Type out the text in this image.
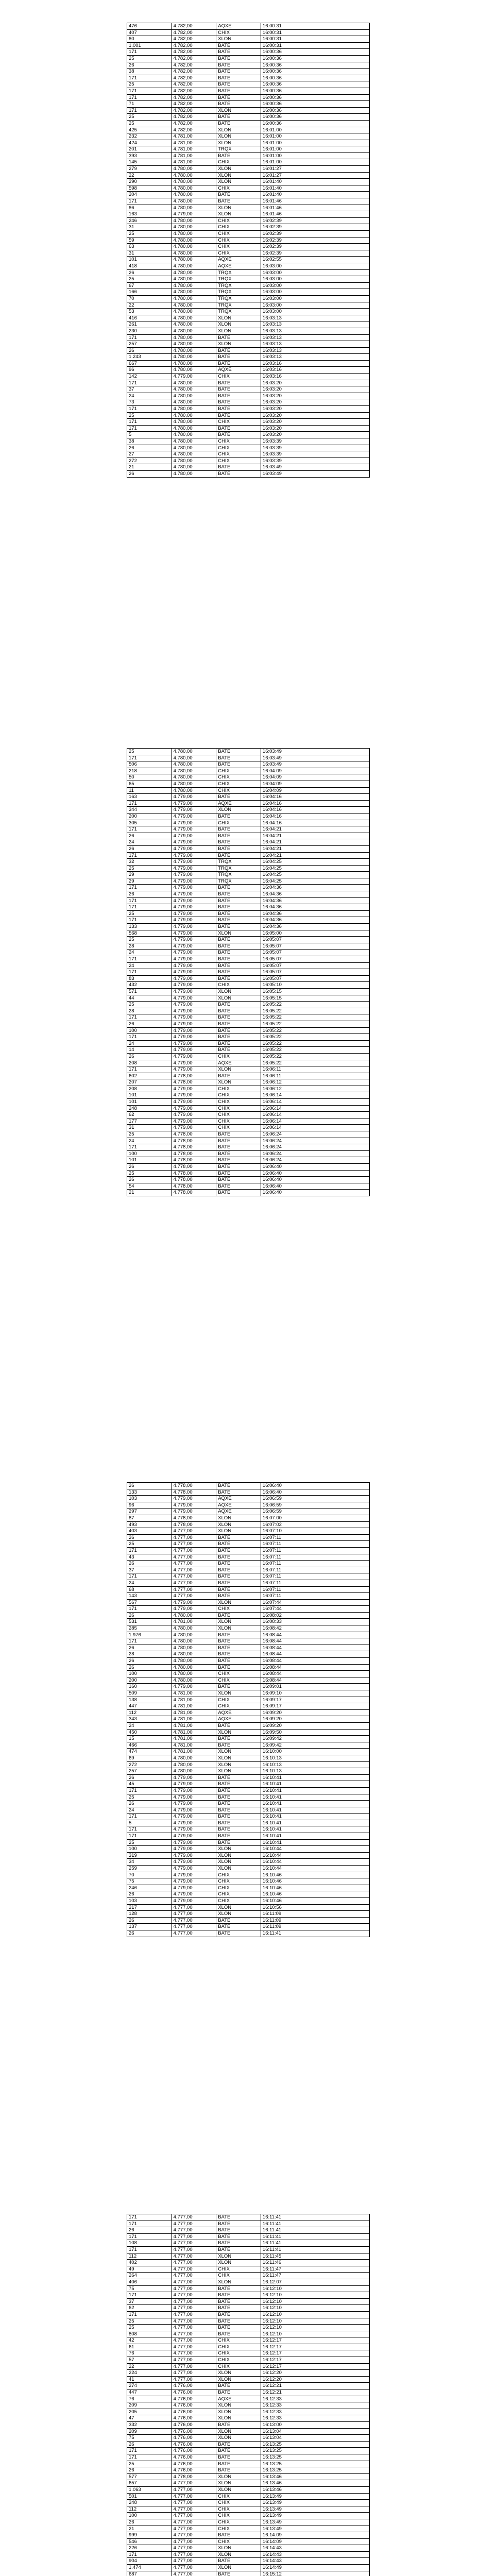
476	4.782,00	AQXE	16:00:31
407	4.782,00	CHIX	16:00:31
80	4.782,00	XLON	16:00:31
1.001	4.782,00	BATE	16:00:31
171	4.782,00	BATE	16:00:36
25	4.782,00	BATE	16:00:36
26	4.782,00	BATE	16:00:36
38	4.782,00	BATE	16:00:36
171	4.782,00	BATE	16:00:36
25	4.782,00	BATE	16:00:36
171	4.782,00	BATE	16:00:36
171	4.782,00	BATE	16:00:36
71	4.782,00	BATE	16:00:36
171	4.782,00	XLON	16:00:36
25	4.782,00	BATE	16:00:36
25	4.782,00	BATE	16:00:36
425	4.782,00	XLON	16:01:00
232	4.781,00	XLON	16:01:00
424	4.781,00	XLON	16:01:00
201	4.781,00	TRQX	16:01:00
393	4.781,00	BATE	16:01:00
145	4.781,00	CHIX	16:01:00
279	4.780,00	XLON	16:01:27
22	4.780,00	XLON	16:01:27
290	4.780,00	XLON	16:01:40
598	4.780,00	CHIX	16:01:40
204	4.780,00	BATE	16:01:40
171	4.780,00	BATE	16:01:46
86	4.780,00	XLON	16:01:46
163	4.779,00	XLON	16:01:46
246	4.780,00	CHIX	16:02:39
31	4.780,00	CHIX	16:02:39
25	4.780,00	CHIX	16:02:39
59	4.780,00	CHIX	16:02:39
63	4.780,00	CHIX	16:02:39
31	4.780,00	CHIX	16:02:39
101	4.780,00	AQXE	16:02:55
418	4.780,00	AQXE	16:03:00
26	4.780,00	TRQX	16:03:00
25	4.780,00	TRQX	16:03:00
67	4.780,00	TRQX	16:03:00
166	4.780,00	TRQX	16:03:00
70	4.780,00	TRQX	16:03:00
22	4.780,00	TRQX	16:03:00
53	4.780,00	TRQX	16:03:00
416	4.780,00	XLON	16:03:13
261	4.780,00	XLON	16:03:13
230	4.780,00	XLON	16:03:13
171	4.780,00	BATE	16:03:13
257	4.780,00	XLON	16:03:13
26	4.780,00	BATE	16:03:13
1.243	4.780,00	BATE	16:03:13
667	4.780,00	BATE	16:03:16
96	4.780,00	AQXE	16:03:16
142	4.779,00	CHIX	16:03:16
171	4.780,00	BATE	16:03:20
37	4.780,00	BATE	16:03:20
24	4.780,00	BATE	16:03:20
73	4.780,00	BATE	16:03:20
171	4.780,00	BATE	16:03:20
25	4.780,00	BATE	16:03:20
171	4.780,00	CHIX	16:03:20
171	4.780,00	BATE	16:03:20
5	4.780,00	BATE	16:03:20
38	4.780,00	CHIX	16:03:39
26	4.780,00	CHIX	16:03:39
27	4.780,00	CHIX	16:03:39
272	4.780,00	CHIX	16:03:39
21	4.780,00	BATE	16:03:49
26	4.780,00	BATE	16:03:49
25	4.780,00	BATE	16:03:49
171	4.780,00	BATE	16:03:49
506	4.780,00	BATE	16:03:49
218	4.780,00	CHIX	16:04:09
50	4.780,00	CHIX	16:04:09
65	4.780,00	CHIX	16:04:09
11	4.780,00	CHIX	16:04:09
163	4.779,00	BATE	16:04:16
171	4.779,00	AQXE	16:04:16
344	4.779,00	XLON	16:04:16
200	4.779,00	BATE	16:04:16
305	4.779,00	CHIX	16:04:16
171	4.779,00	BATE	16:04:21
26	4.779,00	BATE	16:04:21
24	4.779,00	BATE	16:04:21
26	4.779,00	BATE	16:04:21
171	4.779,00	BATE	16:04:21
32	4.779,00	TRQX	16:04:25
25	4.779,00	TRQX	16:04:25
29	4.779,00	TRQX	16:04:25
29	4.779,00	TRQX	16:04:25
171	4.779,00	BATE	16:04:36
26	4.779,00	BATE	16:04:36
171	4.779,00	BATE	16:04:36
171	4.779,00	BATE	16:04:36
25	4.779,00	BATE	16:04:36
171	4.779,00	BATE	16:04:36
133	4.779,00	BATE	16:04:36
568	4.779,00	XLON	16:05:00
25	4.779,00	BATE	16:05:07
28	4.779,00	BATE	16:05:07
24	4.779,00	BATE	16:05:07
171	4.779,00	BATE	16:05:07
24	4.779,00	BATE	16:05:07
171	4.779,00	BATE	16:05:07
83	4.779,00	BATE	16:05:07
432	4.779,00	CHIX	16:05:10
571	4.779,00	XLON	16:05:15
44	4.779,00	XLON	16:05:15
25	4.779,00	BATE	16:05:22
28	4.779,00	BATE	16:05:22
171	4.779,00	BATE	16:05:22
26	4.779,00	BATE	16:05:22
100	4.779,00	BATE	16:05:22
171	4.779,00	BATE	16:05:22
24	4.779,00	BATE	16:05:22
14	4.779,00	BATE	16:05:22
26	4.779,00	CHIX	16:05:22
208	4.779,00	AQXE	16:05:22
171	4.779,00	XLON	16:06:11
602	4.778,00	BATE	16:06:11
207	4.778,00	XLON	16:06:12
208	4.779,00	CHIX	16:06:12
101	4.779,00	CHIX	16:06:14
101	4.779,00	CHIX	16:06:14
248	4.779,00	CHIX	16:06:14
62	4.779,00	CHIX	16:06:14
177	4.779,00	CHIX	16:06:14
31	4.779,00	CHIX	16:06:14
25	4.778,00	BATE	16:06:24
24	4.778,00	BATE	16:06:24
171	4.778,00	BATE	16:06:24
100	4.778,00	BATE	16:06:24
101	4.778,00	BATE	16:06:24
26	4.778,00	BATE	16:06:40
25	4.778,00	BATE	16:06:40
26	4.778,00	BATE	16:06:40
54	4.778,00	BATE	16:06:40
21	4.778,00	BATE	16:06:40
26	4.778,00	BATE	16:06:40
133	4.778,00	BATE	16:06:40
103	4.779,00	AQXE	16:06:59
96	4.779,00	AQXE	16:06:59
297	4.779,00	AQXE	16:06:59
87	4.778,00	XLON	16:07:00
493	4.778,00	XLON	16:07:02
403	4.777,00	XLON	16:07:10
26	4.777,00	BATE	16:07:11
25	4.777,00	BATE	16:07:11
171	4.777,00	BATE	16:07:11
43	4.777,00	BATE	16:07:11
26	4.777,00	BATE	16:07:11
37	4.777,00	BATE	16:07:11
171	4.777,00	BATE	16:07:11
24	4.777,00	BATE	16:07:11
68	4.777,00	BATE	16:07:11
143	4.777,00	BATE	16:07:11
567	4.779,00	XLON	16:07:44
171	4.779,00	CHIX	16:07:44
26	4.780,00	BATE	16:08:02
531	4.781,00	XLON	16:08:33
285	4.780,00	XLON	16:08:42
1.976	4.780,00	BATE	16:08:44
171	4.780,00	BATE	16:08:44
26	4.780,00	BATE	16:08:44
28	4.780,00	BATE	16:08:44
26	4.780,00	BATE	16:08:44
26	4.780,00	BATE	16:08:44
100	4.780,00	CHIX	16:08:44
200	4.780,00	CHIX	16:08:44
160	4.779,00	BATE	16:09:01
509	4.781,00	XLON	16:09:10
138	4.781,00	CHIX	16:09:17
447	4.781,00	CHIX	16:09:17
112	4.781,00	AQXE	16:09:20
343	4.781,00	AQXE	16:09:20
24	4.781,00	BATE	16:09:20
450	4.781,00	XLON	16:09:50
15	4.781,00	BATE	16:09:42
466	4.781,00	BATE	16:09:42
474	4.781,00	XLON	16:10:00
69	4.780,00	XLON	16:10:13
272	4.780,00	XLON	16:10:13
257	4.780,00	XLON	16:10:13
26	4.779,00	BATE	16:10:41
45	4.779,00	BATE	16:10:41
171	4.779,00	BATE	16:10:41
25	4.779,00	BATE	16:10:41
26	4.779,00	BATE	16:10:41
24	4.779,00	BATE	16:10:41
171	4.779,00	BATE	16:10:41
5	4.779,00	BATE	16:10:41
171	4.779,00	BATE	16:10:41
171	4.779,00	BATE	16:10:41
25	4.779,00	BATE	16:10:41
100	4.779,00	XLON	16:10:44
319	4.779,00	XLON	16:10:44
34	4.779,00	XLON	16:10:44
259	4.779,00	XLON	16:10:44
70	4.779,00	CHIX	16:10:46
75	4.779,00	CHIX	16:10:46
246	4.779,00	CHIX	16:10:46
26	4.779,00	CHIX	16:10:46
103	4.779,00	CHIX	16:10:46
217	4.777,00	XLON	16:10:56
128	4.777,00	XLON	16:11:09
26	4.777,00	BATE	16:11:09
137	4.777,00	BATE	16:11:09
26	4.777,00	BATE	16:11:41
171	4.777,00	BATE	16:11:41
171	4.777,00	BATE	16:11:41
26	4.777,00	BATE	16:11:41
171	4.777,00	BATE	16:11:41
108	4.777,00	BATE	16:11:41
171	4.777,00	BATE	16:11:41
112	4.777,00	XLON	16:11:45
402	4.777,00	XLON	16:11:46
49	4.777,00	CHIX	16:11:47
264	4.777,00	CHIX	16:11:47
406	4.777,00	XLON	16:12:07
75	4.777,00	BATE	16:12:10
171	4.777,00	BATE	16:12:10
37	4.777,00	BATE	16:12:10
62	4.777,00	BATE	16:12:10
171	4.777,00	BATE	16:12:10
25	4.777,00	BATE	16:12:10
25	4.777,00	BATE	16:12:10
808	4.777,00	BATE	16:12:10
42	4.777,00	CHIX	16:12:17
61	4.777,00	CHIX	16:12:17
76	4.777,00	CHIX	16:12:17
57	4.777,00	CHIX	16:12:17
22	4.777,00	CHIX	16:12:17
224	4.777,00	XLON	16:12:20
41	4.777,00	XLON	16:12:20
274	4.776,00	BATE	16:12:21
447	4.776,00	BATE	16:12:21
76	4.776,00	AQXE	16:12:33
209	4.776,00	XLON	16:12:33
205	4.776,00	XLON	16:12:33
47	4.776,00	XLON	16:12:33
332	4.776,00	BATE	16:13:00
209	4.776,00	XLON	16:13:04
75	4.776,00	XLON	16:13:04
26	4.776,00	BATE	16:13:25
171	4.776,00	BATE	16:13:25
171	4.776,00	BATE	16:13:25
25	4.776,00	BATE	16:13:25
26	4.776,00	BATE	16:13:25
577	4.778,00	XLON	16:13:46
657	4.777,00	XLON	16:13:46
1.063	4.777,00	XLON	16:13:46
501	4.777,00	CHIX	16:13:49
248	4.777,00	CHIX	16:13:49
112	4.777,00	CHIX	16:13:49
100	4.777,00	CHIX	16:13:49
26	4.777,00	CHIX	16:13:49
21	4.777,00	CHIX	16:13:49
999	4.777,00	BATE	16:14:09
546	4.777,00	CHIX	16:14:09
226	4.777,00	XLON	16:14:43
171	4.777,00	XLON	16:14:43
904	4.777,00	BATE	16:14:43
1.474	4.777,00	XLON	16:14:49
687	4.777,00	BATE	16:15:12
